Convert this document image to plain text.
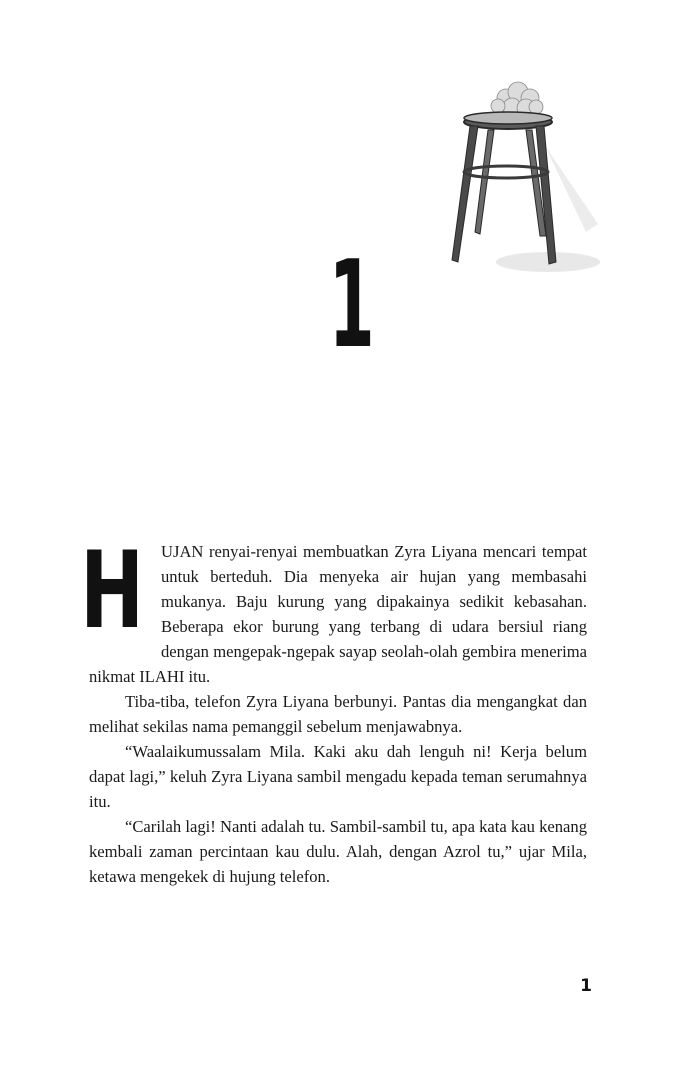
1

H UJAN renyai-renyai membuatkan Zyra Liyana mencari tempat untuk berteduh. Dia menyeka air hujan yang membasahi mukanya. Baju kurung yang dipakainya sedikit kebasahan. Beberapa ekor burung yang terbang di udara bersiul riang dengan mengepak-ngepak sayap seolah-olah gembira menerima nikmat ILAHI itu.

Tiba-tiba, telefon Zyra Liyana berbunyi. Pantas dia mengangkat dan melihat sekilas nama pemanggil sebelum menjawabnya.

“Waalaikumussalam Mila. Kaki aku dah lenguh ni! Kerja belum dapat lagi,” keluh Zyra Liyana sambil mengadu kepada teman serumahnya itu.

“Carilah lagi! Nanti adalah tu. Sambil-sambil tu, apa kata kau kenang kembali zaman percintaan kau dulu. Alah, dengan Azrol tu,” ujar Mila, ketawa mengekek di hujung telefon.

1
